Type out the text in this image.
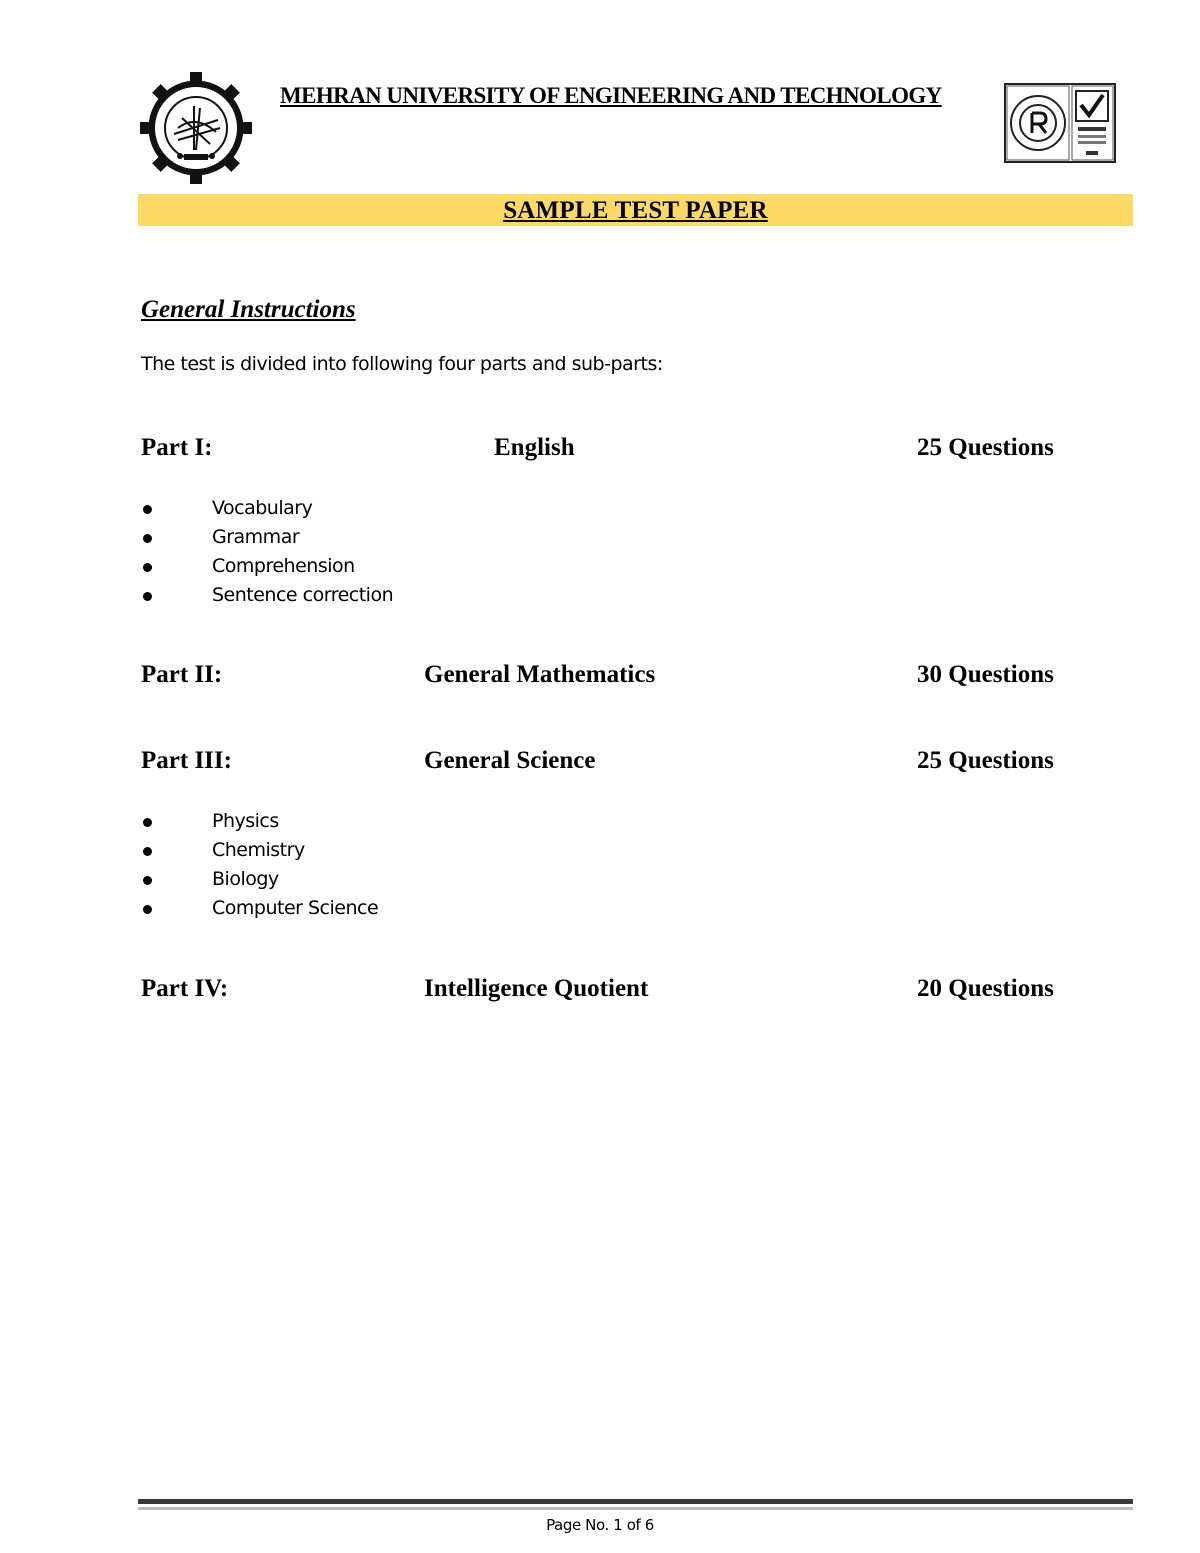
MEHRAN UNIVERSITY OF ENGINEERING AND TECHNOLOGY
SAMPLE TEST PAPER
General Instructions
The test is divided into following four parts and sub-parts:
Part I:	English	25 Questions
Vocabulary
Grammar
Comprehension
Sentence correction
Part II:	General Mathematics	30 Questions
Part III:	General Science	25 Questions
Physics
Chemistry
Biology
Computer Science
Part IV:	Intelligence Quotient	20 Questions
Page No. 1 of 6
